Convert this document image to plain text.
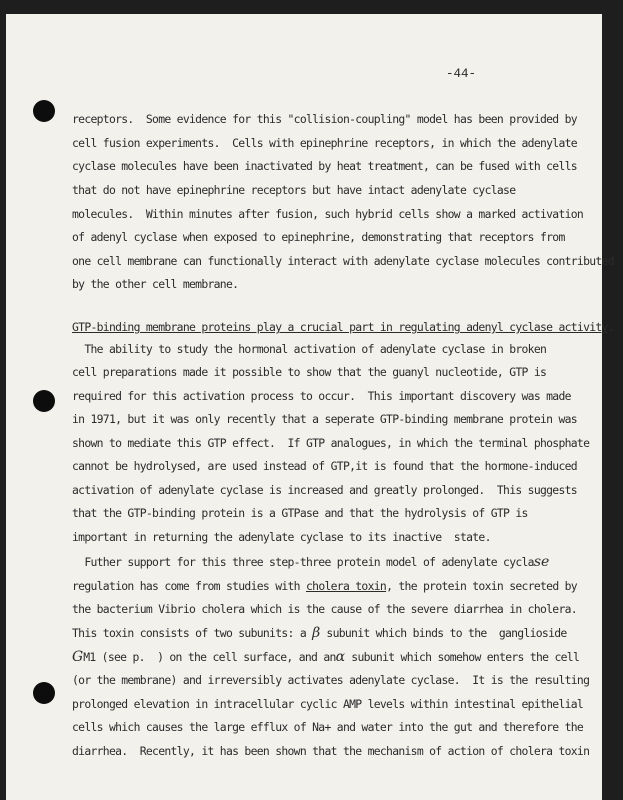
-44-
receptors.  Some evidence for this "collision-coupling" model has been provided by
cell fusion experiments.  Cells with epinephrine receptors, in which the adenylate
cyclase molecules have been inactivated by heat treatment, can be fused with cells
that do not have epinephrine receptors but have intact adenylate cyclase
molecules.  Within minutes after fusion, such hybrid cells show a marked activation
of adenyl cyclase when exposed to epinephrine, demonstrating that receptors from
one cell membrane can functionally interact with adenylate cyclase molecules contributed
by the other cell membrane.
GTP-binding membrane proteins play a crucial part in regulating adenyl cyclase activity.
The ability to study the hormonal activation of adenylate cyclase in broken
cell preparations made it possible to show that the guanyl nucleotide, GTP is
required for this activation process to occur.  This important discovery was made
in 1971, but it was only recently that a seperate GTP-binding membrane protein was
shown to mediate this GTP effect.  If GTP analogues, in which the terminal phosphate
cannot be hydrolysed, are used instead of GTP,it is found that the hormone-induced
activation of adenylate cyclase is increased and greatly prolonged.  This suggests
that the GTP-binding protein is a GTPase and that the hydrolysis of GTP is
important in returning the adenylate cyclase to its inactive  state.
Futher support for this three step-three protein model of adenylate cyclase
regulation has come from studies with cholera toxin, the protein toxin secreted by
the bacterium Vibrio cholera which is the cause of the severe diarrhea in cholera.
This toxin consists of two subunits: a β subunit which binds to the  ganglioside
GM1 (see p.  ) on the cell surface, and anα subunit which somehow enters the cell
(or the membrane) and irreversibly activates adenylate cyclase.  It is the resulting
prolonged elevation in intracellular cyclic AMP levels within intestinal epithelial
cells which causes the large efflux of Na+ and water into the gut and therefore the
diarrhea.  Recently, it has been shown that the mechanism of action of cholera toxin
